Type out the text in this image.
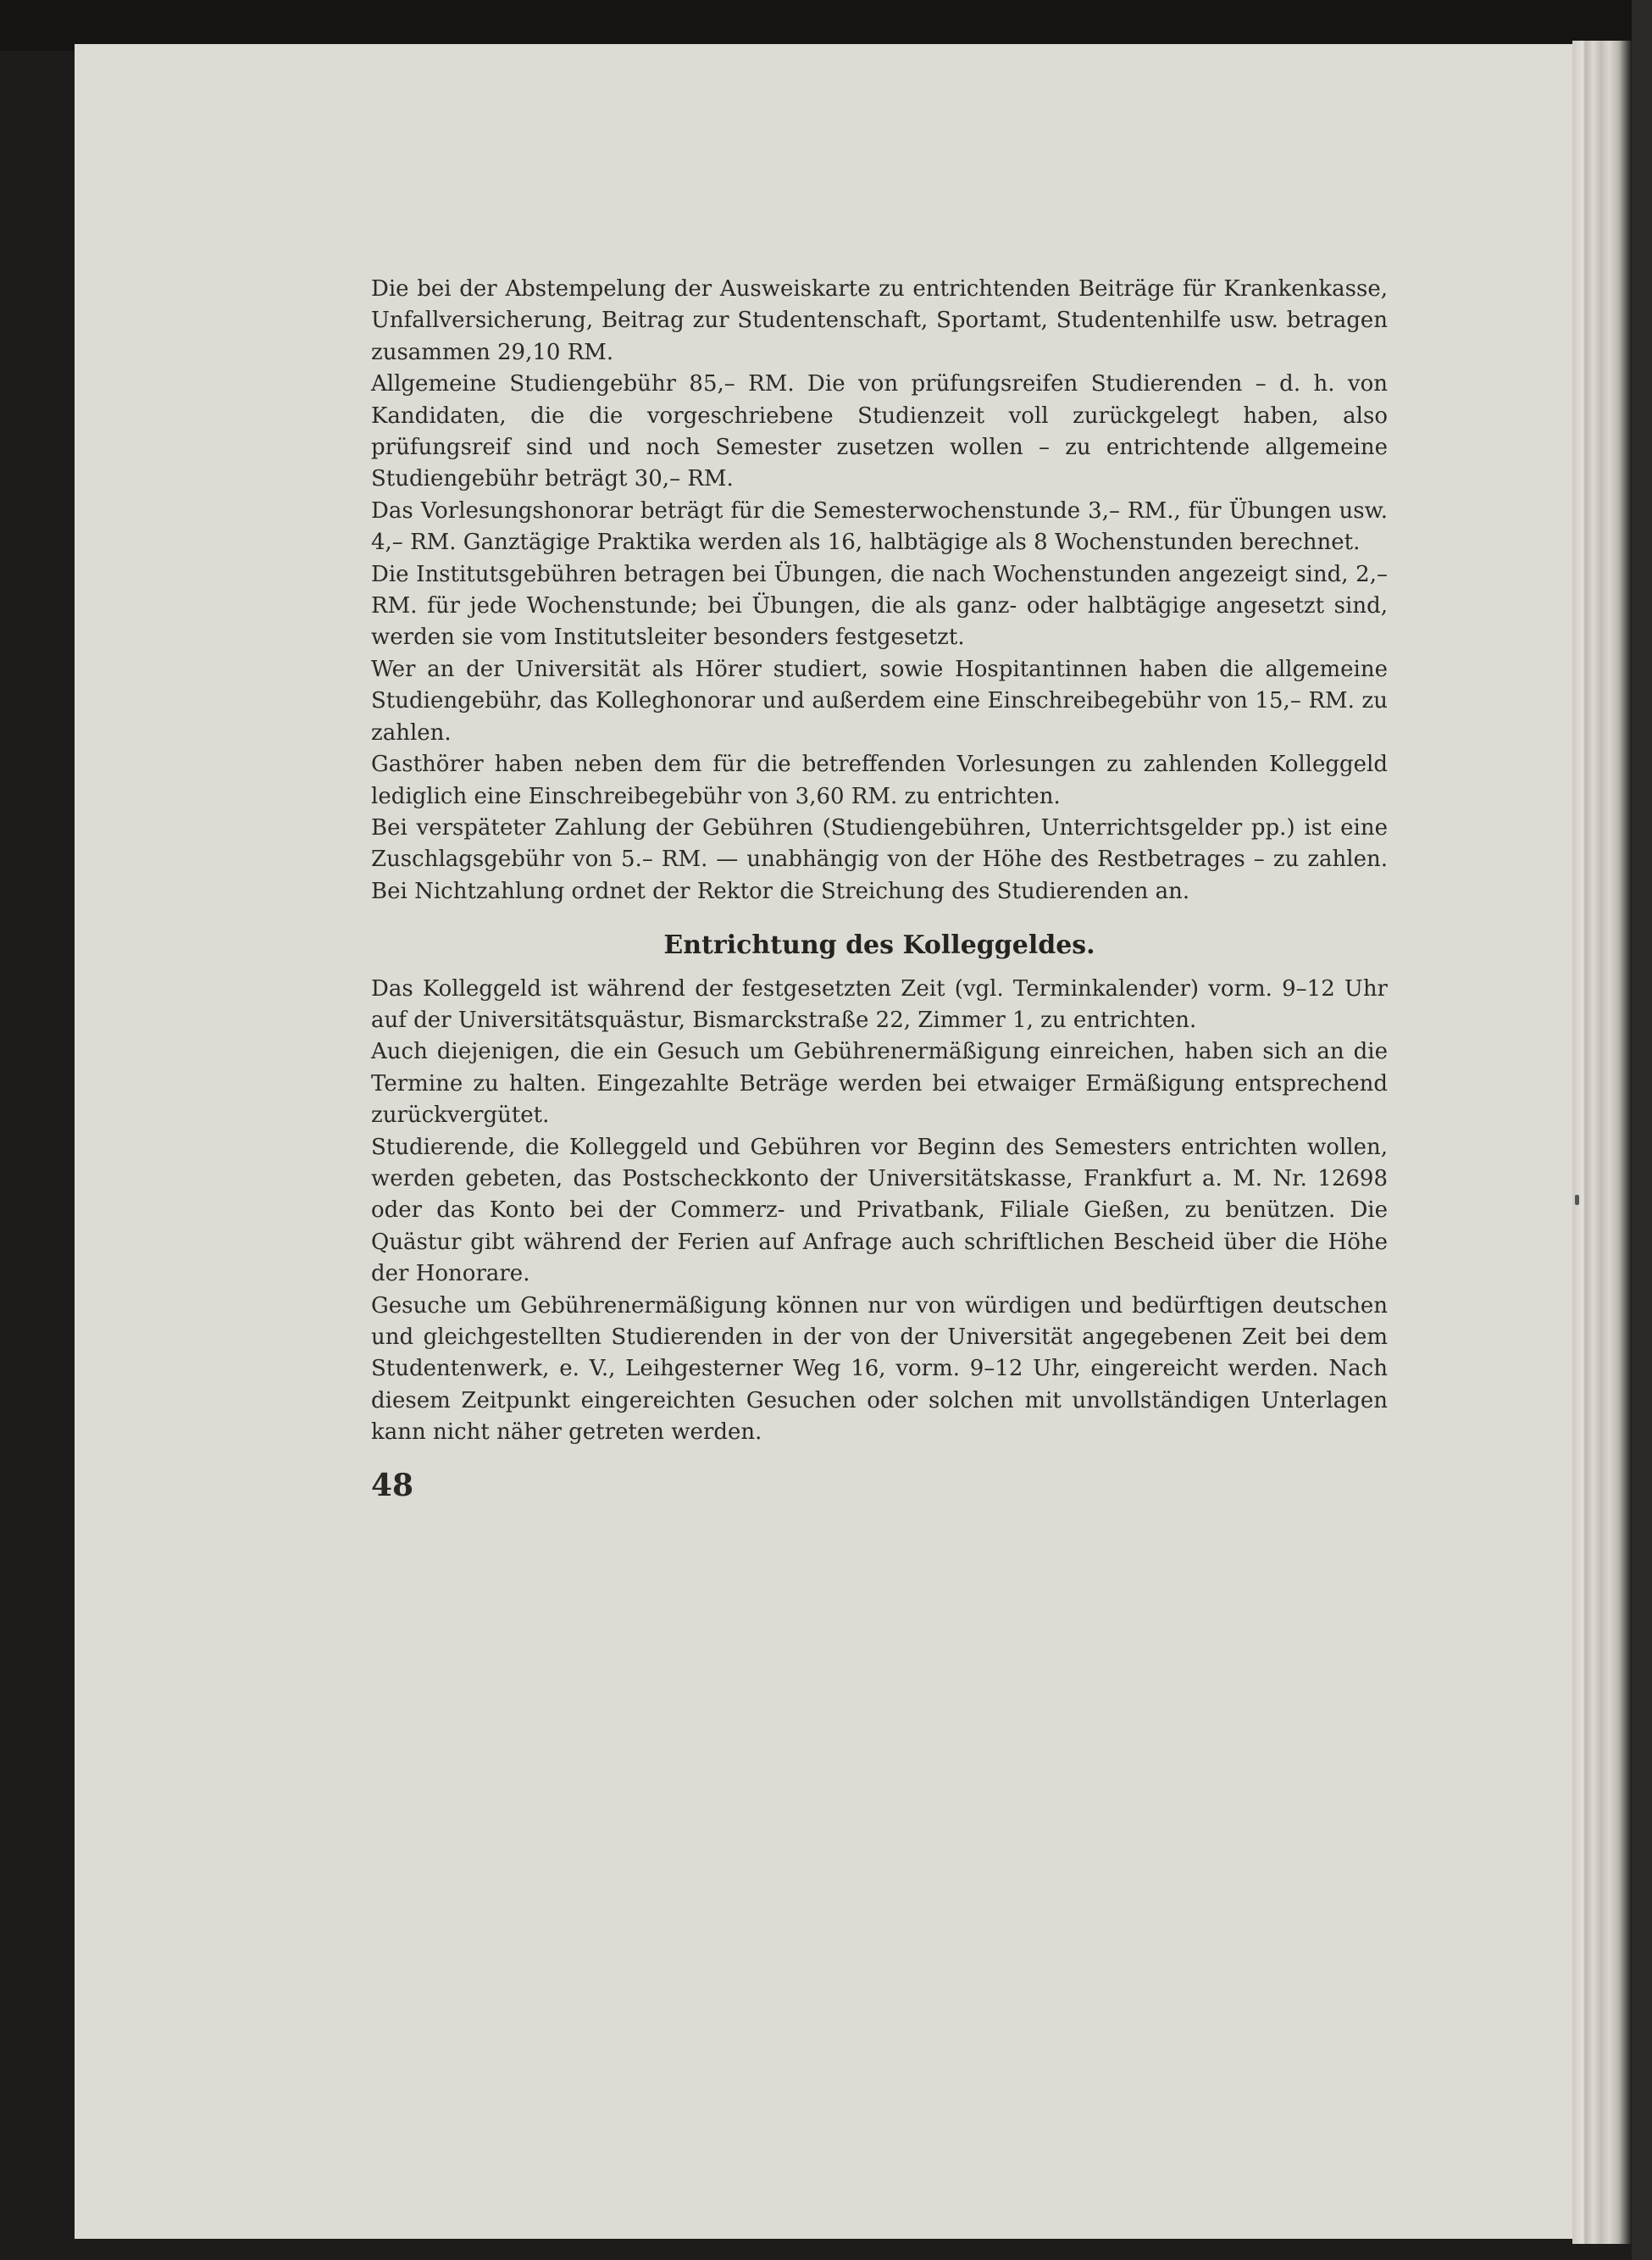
Die bei der Abstempelung der Ausweiskarte zu entrichtenden Beiträge für Krankenkasse, Unfallversicherung, Beitrag zur Studentenschaft, Sportamt, Studentenhilfe usw. betragen zusammen 29,10 RM.

Allgemeine Studiengebühr 85,– RM. Die von prüfungsreifen Studierenden – d. h. von Kandidaten, die die vorgeschriebene Studienzeit voll zurückgelegt haben, also prüfungsreif sind und noch Semester zusetzen wollen – zu entrichtende allgemeine Studiengebühr beträgt 30,– RM.

Das Vorlesungshonorar beträgt für die Semesterwochenstunde 3,– RM., für Übungen usw. 4,– RM. Ganztägige Praktika werden als 16, halbtägige als 8 Wochenstunden berechnet.

Die Institutsgebühren betragen bei Übungen, die nach Wochenstunden angezeigt sind, 2,– RM. für jede Wochenstunde; bei Übungen, die als ganz- oder halbtägige angesetzt sind, werden sie vom Institutsleiter besonders festgesetzt.

Wer an der Universität als Hörer studiert, sowie Hospitantinnen haben die allgemeine Studiengebühr, das Kolleghonorar und außerdem eine Einschreibegebühr von 15,– RM. zu zahlen.

Gasthörer haben neben dem für die betreffenden Vorlesungen zu zahlenden Kolleggeld lediglich eine Einschreibegebühr von 3,60 RM. zu entrichten.

Bei verspäteter Zahlung der Gebühren (Studiengebühren, Unterrichtsgelder pp.) ist eine Zuschlagsgebühr von 5.– RM. — unabhängig von der Höhe des Restbetrages – zu zahlen. Bei Nichtzahlung ordnet der Rektor die Streichung des Studierenden an.

Entrichtung des Kolleggeldes.

Das Kolleggeld ist während der festgesetzten Zeit (vgl. Terminkalender) vorm. 9–12 Uhr auf der Universitätsquästur, Bismarckstraße 22, Zimmer 1, zu entrichten.

Auch diejenigen, die ein Gesuch um Gebührenermäßigung einreichen, haben sich an die Termine zu halten. Eingezahlte Beträge werden bei etwaiger Ermäßigung entsprechend zurückvergütet.

Studierende, die Kolleggeld und Gebühren vor Beginn des Semesters entrichten wollen, werden gebeten, das Postscheckkonto der Universitätskasse, Frankfurt a. M. Nr. 12698 oder das Konto bei der Commerz- und Privatbank, Filiale Gießen, zu benützen. Die Quästur gibt während der Ferien auf Anfrage auch schriftlichen Bescheid über die Höhe der Honorare.

Gesuche um Gebührenermäßigung können nur von würdigen und bedürftigen deutschen und gleichgestellten Studierenden in der von der Universität angegebenen Zeit bei dem Studentenwerk, e. V., Leihgesterner Weg 16, vorm. 9–12 Uhr, eingereicht werden. Nach diesem Zeitpunkt eingereichten Gesuchen oder solchen mit unvollständigen Unterlagen kann nicht näher getreten werden.

48
